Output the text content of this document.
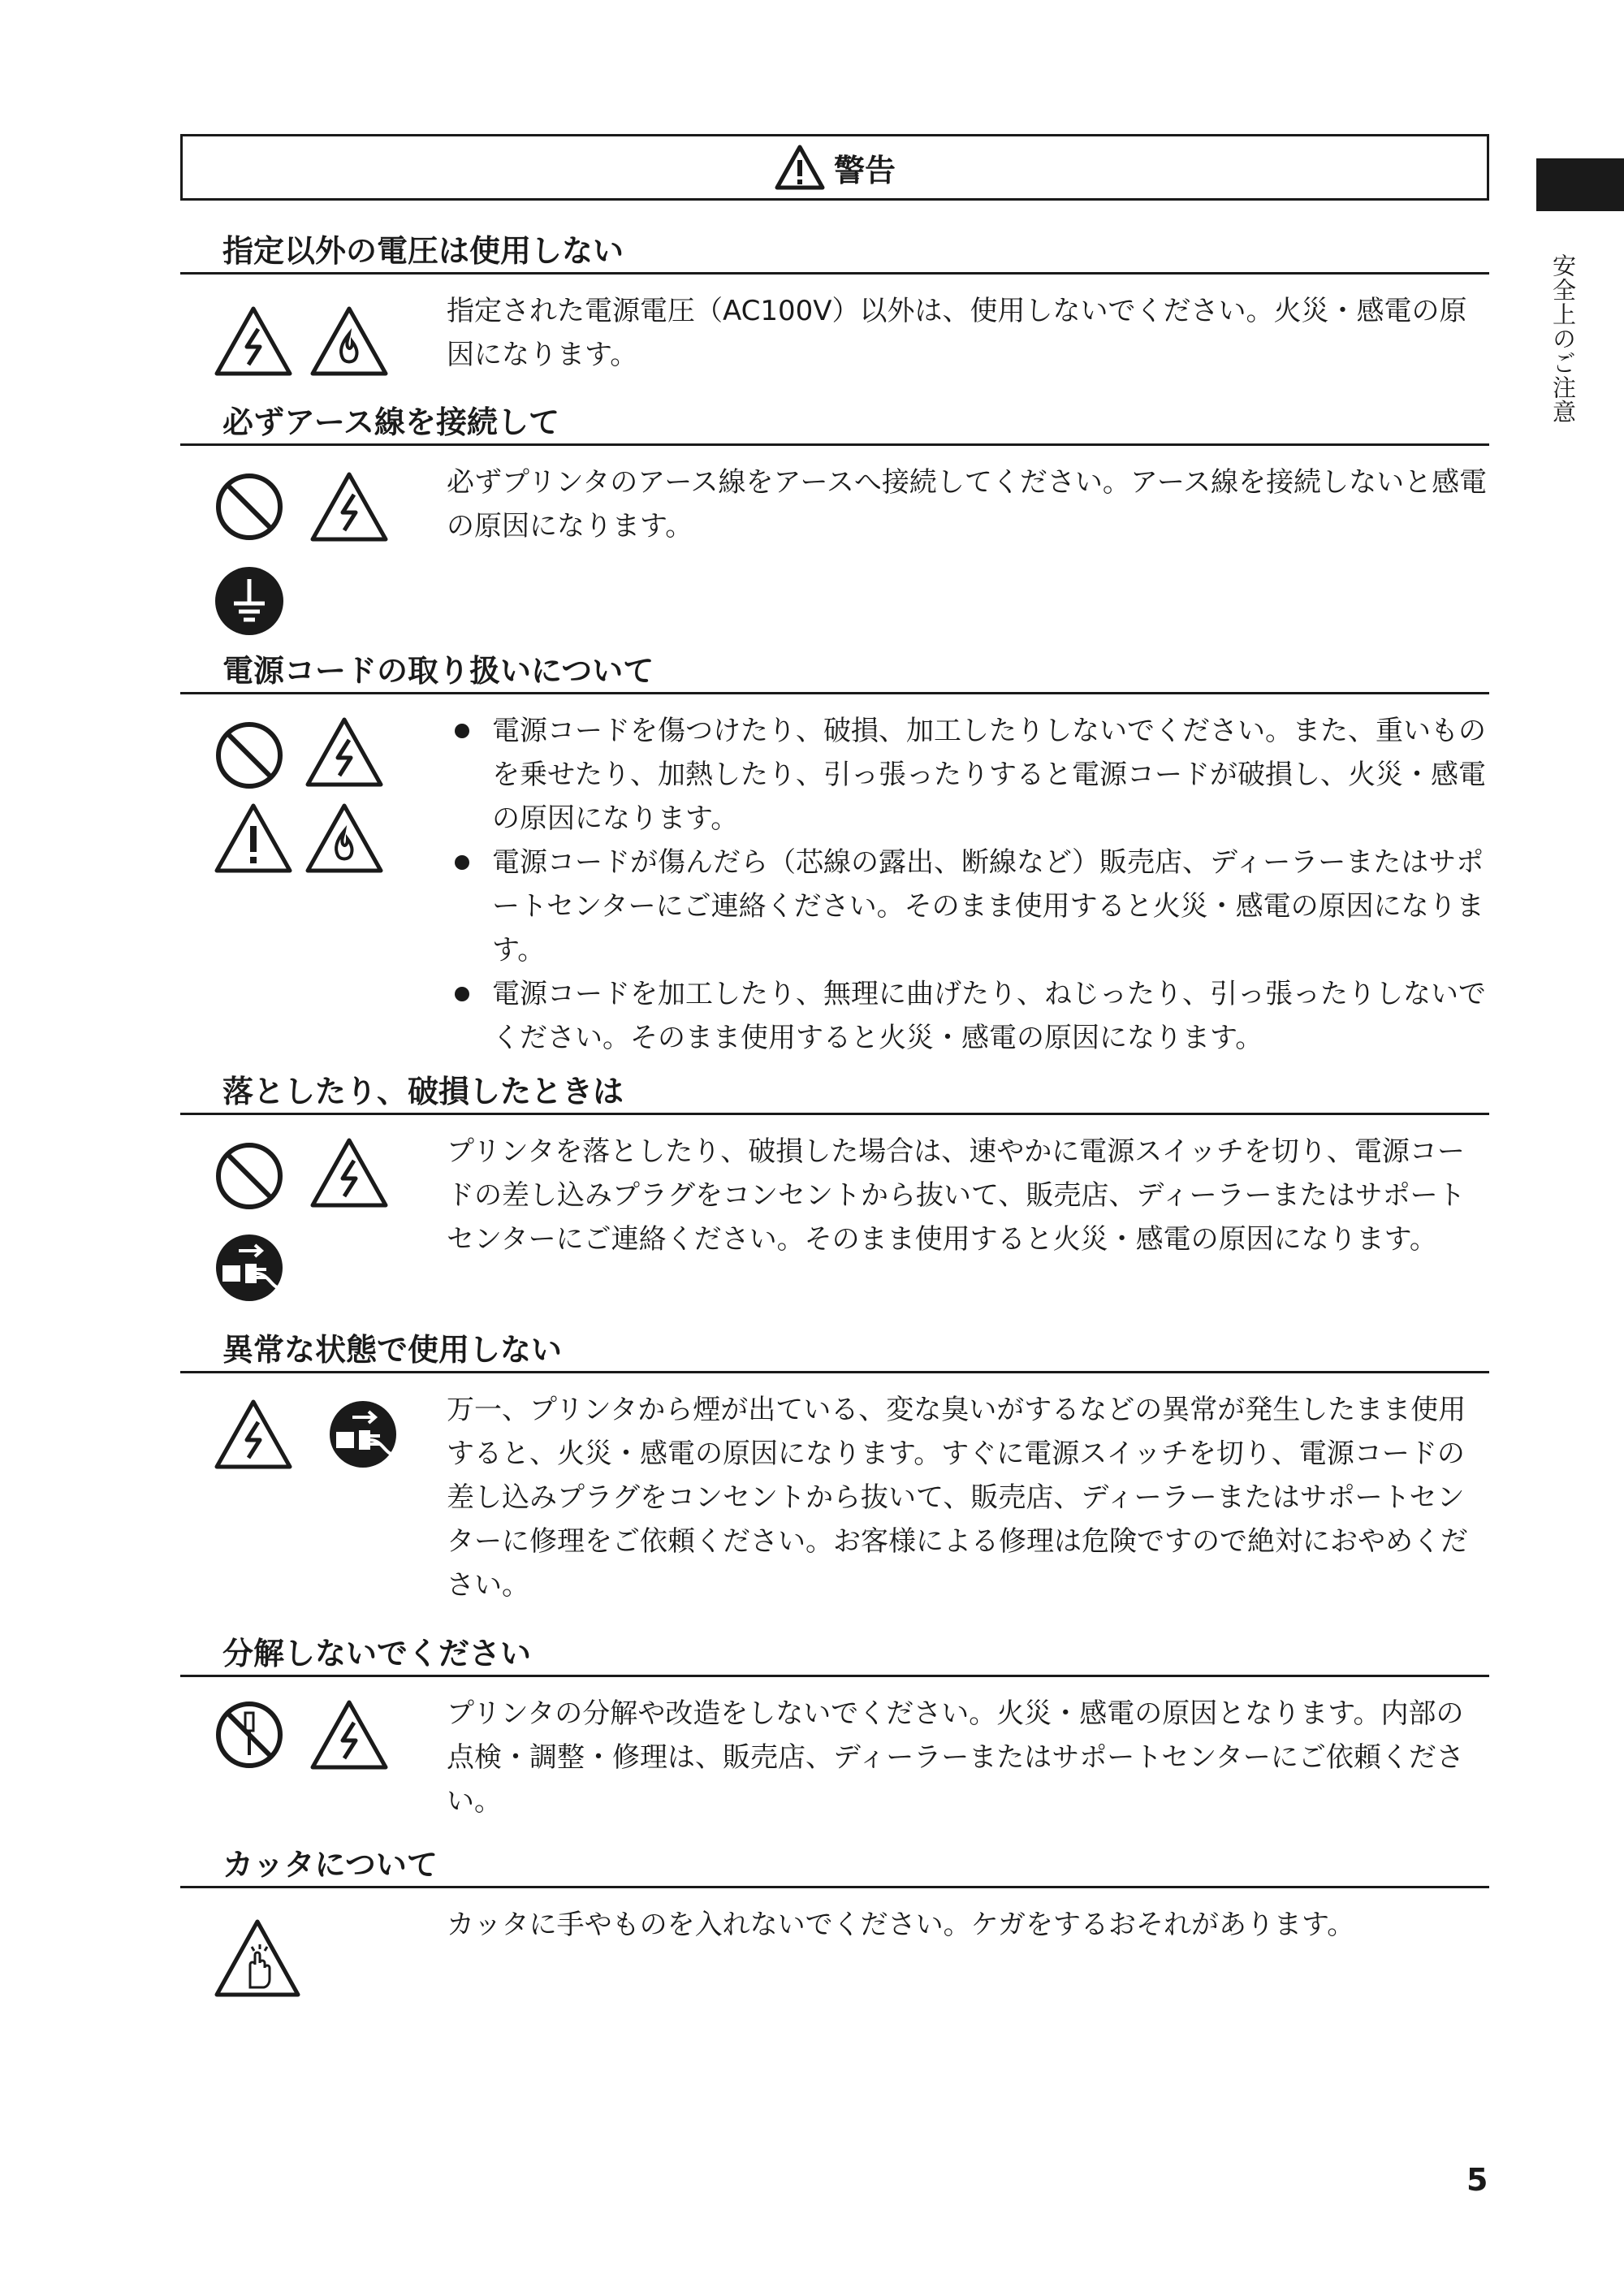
警告
安全上のご注意
指定以外の電圧は使用しない

指定された電源電圧（AC100V）以外は、使用しないでください。火災・感電の原因になります。

必ずアース線を接続して

必ずプリンタのアース線をアースへ接続してください。アース線を接続しないと感電の原因になります。

電源コードの取り扱いについて
電源コードを傷つけたり、破損、加工したりしないでください。また、重いものを乗せたり、加熱したり、引っ張ったりすると電源コードが破損し、火災・感電の原因になります。
電源コードが傷んだら（芯線の露出、断線など）販売店、ディーラーまたはサポートセンターにご連絡ください。そのまま使用すると火災・感電の原因になります。
電源コードを加工したり、無理に曲げたり、ねじったり、引っ張ったりしないでください。そのまま使用すると火災・感電の原因になります。
落としたり、破損したときは

プリンタを落としたり、破損した場合は、速やかに電源スイッチを切り、電源コードの差し込みプラグをコンセントから抜いて、販売店、ディーラーまたはサポートセンターにご連絡ください。そのまま使用すると火災・感電の原因になります。

異常な状態で使用しない

万一、プリンタから煙が出ている、変な臭いがするなどの異常が発生したまま使用すると、火災・感電の原因になります。すぐに電源スイッチを切り、電源コードの差し込みプラグをコンセントから抜いて、販売店、ディーラーまたはサポートセンターに修理をご依頼ください。お客様による修理は危険ですので絶対におやめください。

分解しないでください

プリンタの分解や改造をしないでください。火災・感電の原因となります。内部の点検・調整・修理は、販売店、ディーラーまたはサポートセンターにご依頼ください。

カッタについて

カッタに手やものを入れないでください。ケガをするおそれがあります。

5
